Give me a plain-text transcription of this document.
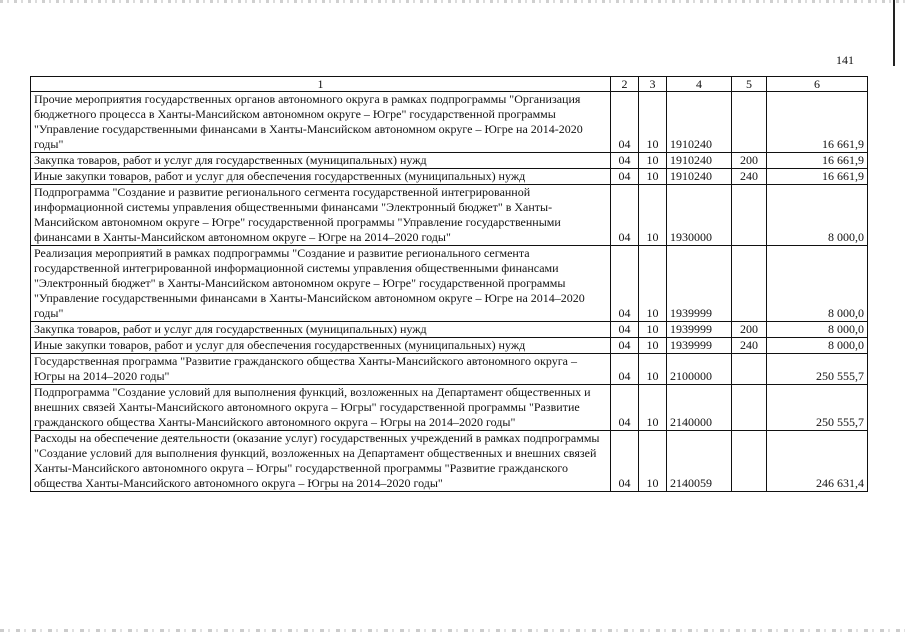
141
1	2	3	4	5	6
Прочие мероприятия государственных органов автономного округа в рамках подпрограммы "Организация бюджетного процесса в Ханты-Мансийском автономном округе – Югре" государственной программы "Управление государственными финансами в Ханты-Мансийском автономном округе – Югре на 2014-2020 годы"	04	10	1910240		16 661,9
Закупка товаров, работ и услуг для государственных (муниципальных) нужд	04	10	1910240	200	16 661,9
Иные закупки товаров, работ и услуг для обеспечения государственных (муниципальных) нужд	04	10	1910240	240	16 661,9
Подпрограмма "Создание и развитие регионального сегмента государственной интегрированной информационной системы управления общественными финансами "Электронный бюджет" в Ханты-Мансийском автономном округе – Югре" государственной программы "Управление государственными финансами в Ханты-Мансийском автономном округе – Югре на 2014–2020 годы"	04	10	1930000		8 000,0
Реализация мероприятий в рамках подпрограммы "Создание и развитие регионального сегмента государственной интегрированной информационной системы управления общественными финансами "Электронный бюджет" в Ханты-Мансийском автономном округе – Югре" государственной программы "Управление государственными финансами в Ханты-Мансийском автономном округе – Югре на 2014–2020 годы"	04	10	1939999		8 000,0
Закупка товаров, работ и услуг для государственных (муниципальных) нужд	04	10	1939999	200	8 000,0
Иные закупки товаров, работ и услуг для обеспечения государственных (муниципальных) нужд	04	10	1939999	240	8 000,0
Государственная программа "Развитие гражданского общества Ханты-Мансийского автономного округа – Югры на 2014–2020 годы"	04	10	2100000		250 555,7
Подпрограмма "Создание условий для выполнения функций, возложенных на Департамент общественных и внешних связей Ханты-Мансийского автономного округа – Югры" государственной программы "Развитие гражданского общества Ханты-Мансийского автономного округа – Югры на 2014–2020 годы"	04	10	2140000		250 555,7
Расходы на обеспечение деятельности (оказание услуг) государственных учреждений в рамках подпрограммы "Создание условий для выполнения функций, возложенных на Департамент общественных и внешних связей Ханты-Мансийского автономного округа – Югры" государственной программы "Развитие гражданского общества Ханты-Мансийского автономного округа – Югры на 2014–2020 годы"	04	10	2140059		246 631,4
